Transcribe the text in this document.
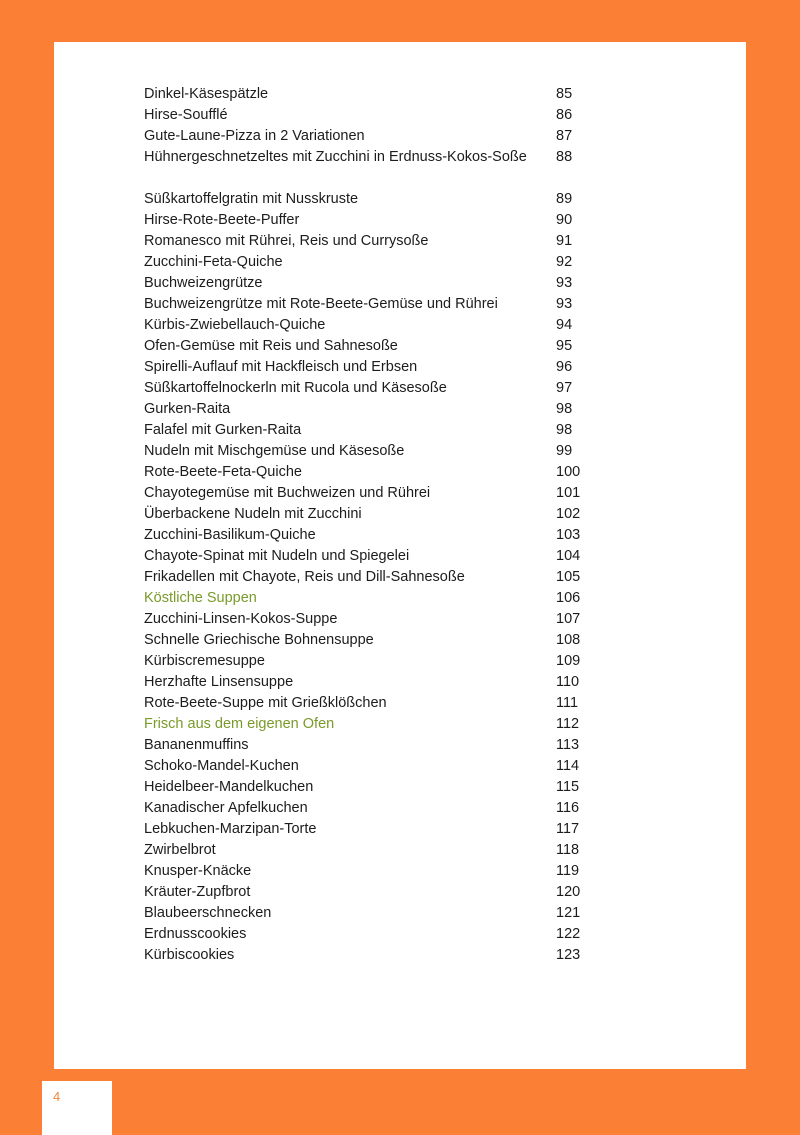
Dinkel-Käsespätzle	85
Hirse-Soufflé	86
Gute-Laune-Pizza in 2 Variationen	87
Hühnergeschnetzeltes mit Zucchini in Erdnuss-Kokos-Soße	88
Süßkartoffelgratin mit Nusskruste	89
Hirse-Rote-Beete-Puffer	90
Romanesco mit Rührei, Reis und Currysoße	91
Zucchini-Feta-Quiche	92
Buchweizengrütze	93
Buchweizengrütze mit Rote-Beete-Gemüse und Rührei	93
Kürbis-Zwiebellauch-Quiche	94
Ofen-Gemüse mit Reis und Sahnesoße	95
Spirelli-Auflauf mit Hackfleisch und Erbsen	96
Süßkartoffelnockerln mit Rucola und Käsesoße	97
Gurken-Raita	98
Falafel mit Gurken-Raita	98
Nudeln mit Mischgemüse und Käsesoße	99
Rote-Beete-Feta-Quiche	100
Chayotegemüse mit Buchweizen und Rührei	101
Überbackene Nudeln mit Zucchini	102
Zucchini-Basilikum-Quiche	103
Chayote-Spinat mit Nudeln und Spiegelei	104
Frikadellen mit Chayote, Reis und Dill-Sahnesoße	105
Köstliche Suppen	106
Zucchini-Linsen-Kokos-Suppe	107
Schnelle Griechische Bohnensuppe	108
Kürbiscremesuppe	109
Herzhafte Linsensuppe	110
Rote-Beete-Suppe mit Grießklößchen	111
Frisch aus dem eigenen Ofen	112
Bananenmuffins	113
Schoko-Mandel-Kuchen	114
Heidelbeer-Mandelkuchen	115
Kanadischer Apfelkuchen	116
Lebkuchen-Marzipan-Torte	117
Zwirbelbrot	118
Knusper-Knäcke	119
Kräuter-Zupfbrot	120
Blaubeerschnecken	121
Erdnusscookies	122
Kürbiscookies	123
4
